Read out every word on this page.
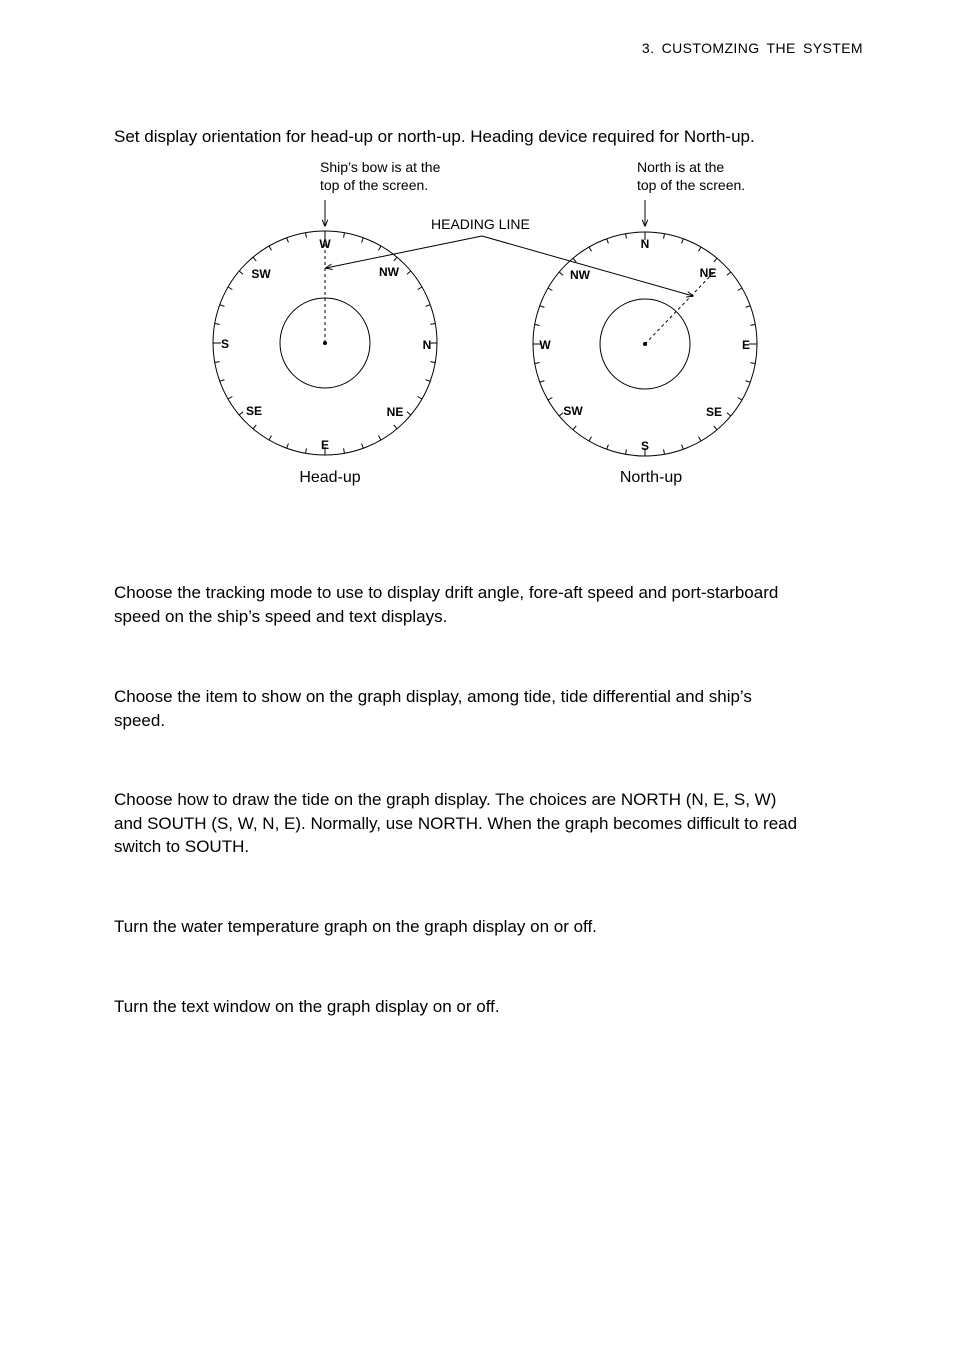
3. CUSTOMZING THE SYSTEM

Set display orientation for head-up or north-up. Heading device required for North-up.

Ship’s bow is at the
top of the screen.
North is at the
top of the screen.
HEADING LINE
W
SW	NW
S	N
SE	NE
E
N
NW	NE
W	E
SW	SE
S
Head-up	North-up
Choose the tracking mode to use to display drift angle, fore-aft speed and port-starboard
speed on the ship’s speed and text displays.
Choose the item to show on the graph display, among tide, tide differential and ship’s
speed.
Choose how to draw the tide on the graph display. The choices are NORTH (N, E, S, W)
and SOUTH (S, W, N, E). Normally, use NORTH. When the graph becomes difficult to read
switch to SOUTH.

Turn the water temperature graph on the graph display on or off.

Turn the text window on the graph display on or off.
